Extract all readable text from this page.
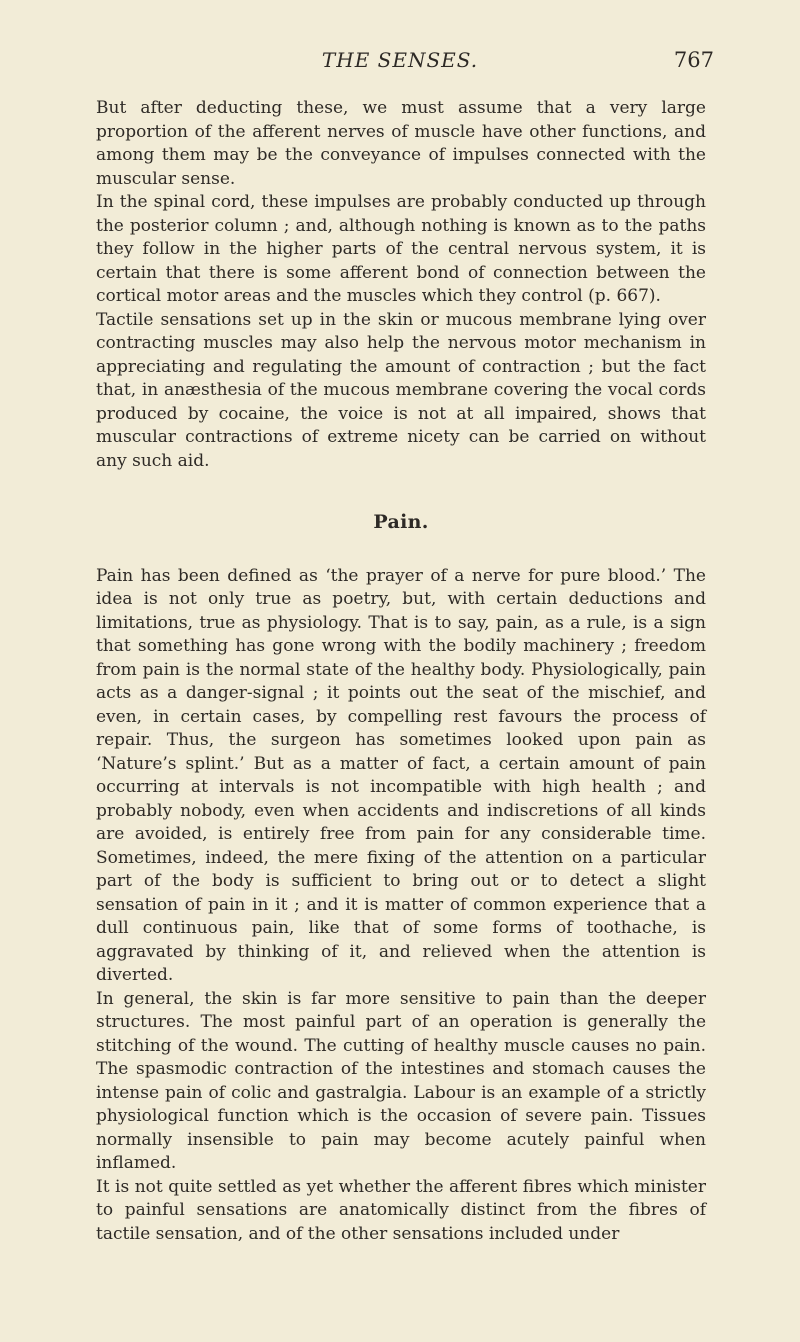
THE SENSES.	767

But after deducting these, we must assume that a very large proportion of the afferent nerves of muscle have other functions, and among them may be the conveyance of impulses connected with the muscular sense.

In the spinal cord, these impulses are probably conducted up through the posterior column ; and, although nothing is known as to the paths they follow in the higher parts of the central nervous system, it is certain that there is some afferent bond of connection between the cortical motor areas and the muscles which they control (p. 667).

Tactile sensations set up in the skin or mucous membrane lying over contracting muscles may also help the nervous motor mechanism in appreciating and regulating the amount of contraction ; but the fact that, in anæsthesia of the mucous membrane covering the vocal cords produced by cocaine, the voice is not at all impaired, shows that muscular contractions of extreme nicety can be carried on without any such aid.

Pain.

Pain has been defined as ‘the prayer of a nerve for pure blood.’ The idea is not only true as poetry, but, with certain deductions and limitations, true as physiology. That is to say, pain, as a rule, is a sign that something has gone wrong with the bodily machinery ; freedom from pain is the normal state of the healthy body. Physiologically, pain acts as a danger-signal ; it points out the seat of the mischief, and even, in certain cases, by compelling rest favours the process of repair. Thus, the surgeon has sometimes looked upon pain as ‘Nature’s splint.’ But as a matter of fact, a certain amount of pain occurring at intervals is not incompatible with high health ; and probably nobody, even when accidents and indiscretions of all kinds are avoided, is entirely free from pain for any considerable time. Sometimes, indeed, the mere fixing of the attention on a particular part of the body is sufficient to bring out or to detect a slight sensation of pain in it ; and it is matter of common experience that a dull continuous pain, like that of some forms of toothache, is aggravated by thinking of it, and relieved when the attention is diverted.

In general, the skin is far more sensitive to pain than the deeper structures. The most painful part of an operation is generally the stitching of the wound. The cutting of healthy muscle causes no pain. The spasmodic contraction of the intestines and stomach causes the intense pain of colic and gastralgia. Labour is an example of a strictly physiological function which is the occasion of severe pain. Tissues normally insensible to pain may become acutely painful when inflamed.

It is not quite settled as yet whether the afferent fibres which minister to painful sensations are anatomically distinct from the fibres of tactile sensation, and of the other sensations included under
